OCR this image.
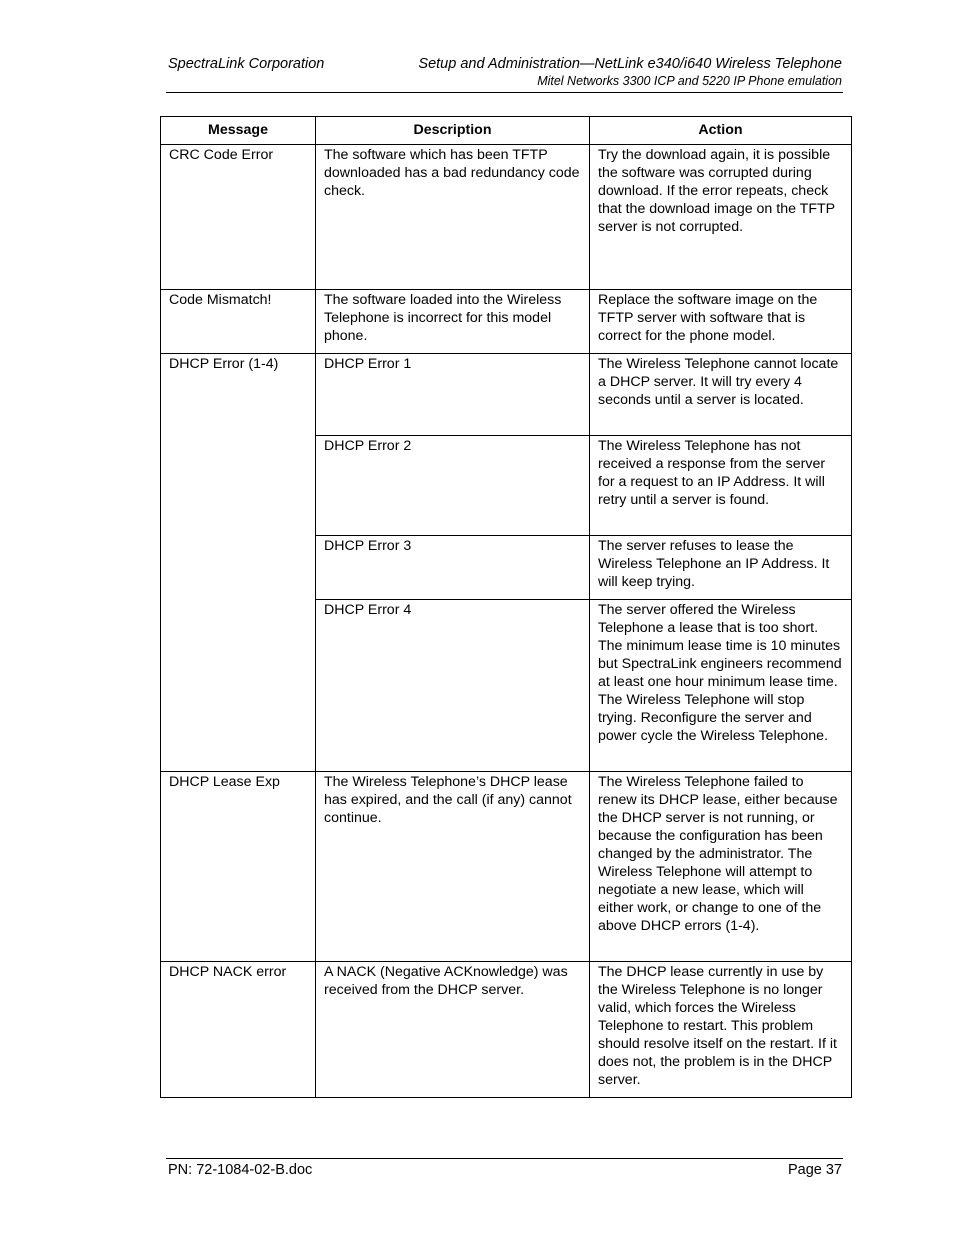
SpectraLink Corporation	Setup and Administration—NetLink e340/i640 Wireless Telephone
Mitel Networks 3300 ICP and 5220 IP Phone emulation
Message	Description	Action
CRC Code Error	The software which has been TFTP downloaded has a bad redundancy code check.	Try the download again, it is possible the software was corrupted during download. If the error repeats, check that the download image on the TFTP server is not corrupted.
Code Mismatch!	The software loaded into the Wireless Telephone is incorrect for this model phone.	Replace the software image on the TFTP server with software that is correct for the phone model.
DHCP Error (1-4)	DHCP Error 1	The Wireless Telephone cannot locate a DHCP server. It will try every 4 seconds until a server is located.
	DHCP Error 2	The Wireless Telephone has not received a response from the server for a request to an IP Address. It will retry until a server is found.
	DHCP Error 3	The server refuses to lease the Wireless Telephone an IP Address. It will keep trying.
	DHCP Error 4	The server offered the Wireless Telephone a lease that is too short. The minimum lease time is 10 minutes but SpectraLink engineers recommend at least one hour minimum lease time. The Wireless Telephone will stop trying. Reconfigure the server and power cycle the Wireless Telephone.
DHCP Lease Exp	The Wireless Telephone’s DHCP lease has expired, and the call (if any) cannot continue.	The Wireless Telephone failed to renew its DHCP lease, either because the DHCP server is not running, or because the configuration has been changed by the administrator. The Wireless Telephone will attempt to negotiate a new lease, which will either work, or change to one of the above DHCP errors (1-4).
DHCP NACK error	A NACK (Negative ACKnowledge) was received from the DHCP server.	The DHCP lease currently in use by the Wireless Telephone is no longer valid, which forces the Wireless Telephone to restart. This problem should resolve itself on the restart. If it does not, the problem is in the DHCP server.
PN: 72-1084-02-B.doc	Page 37
